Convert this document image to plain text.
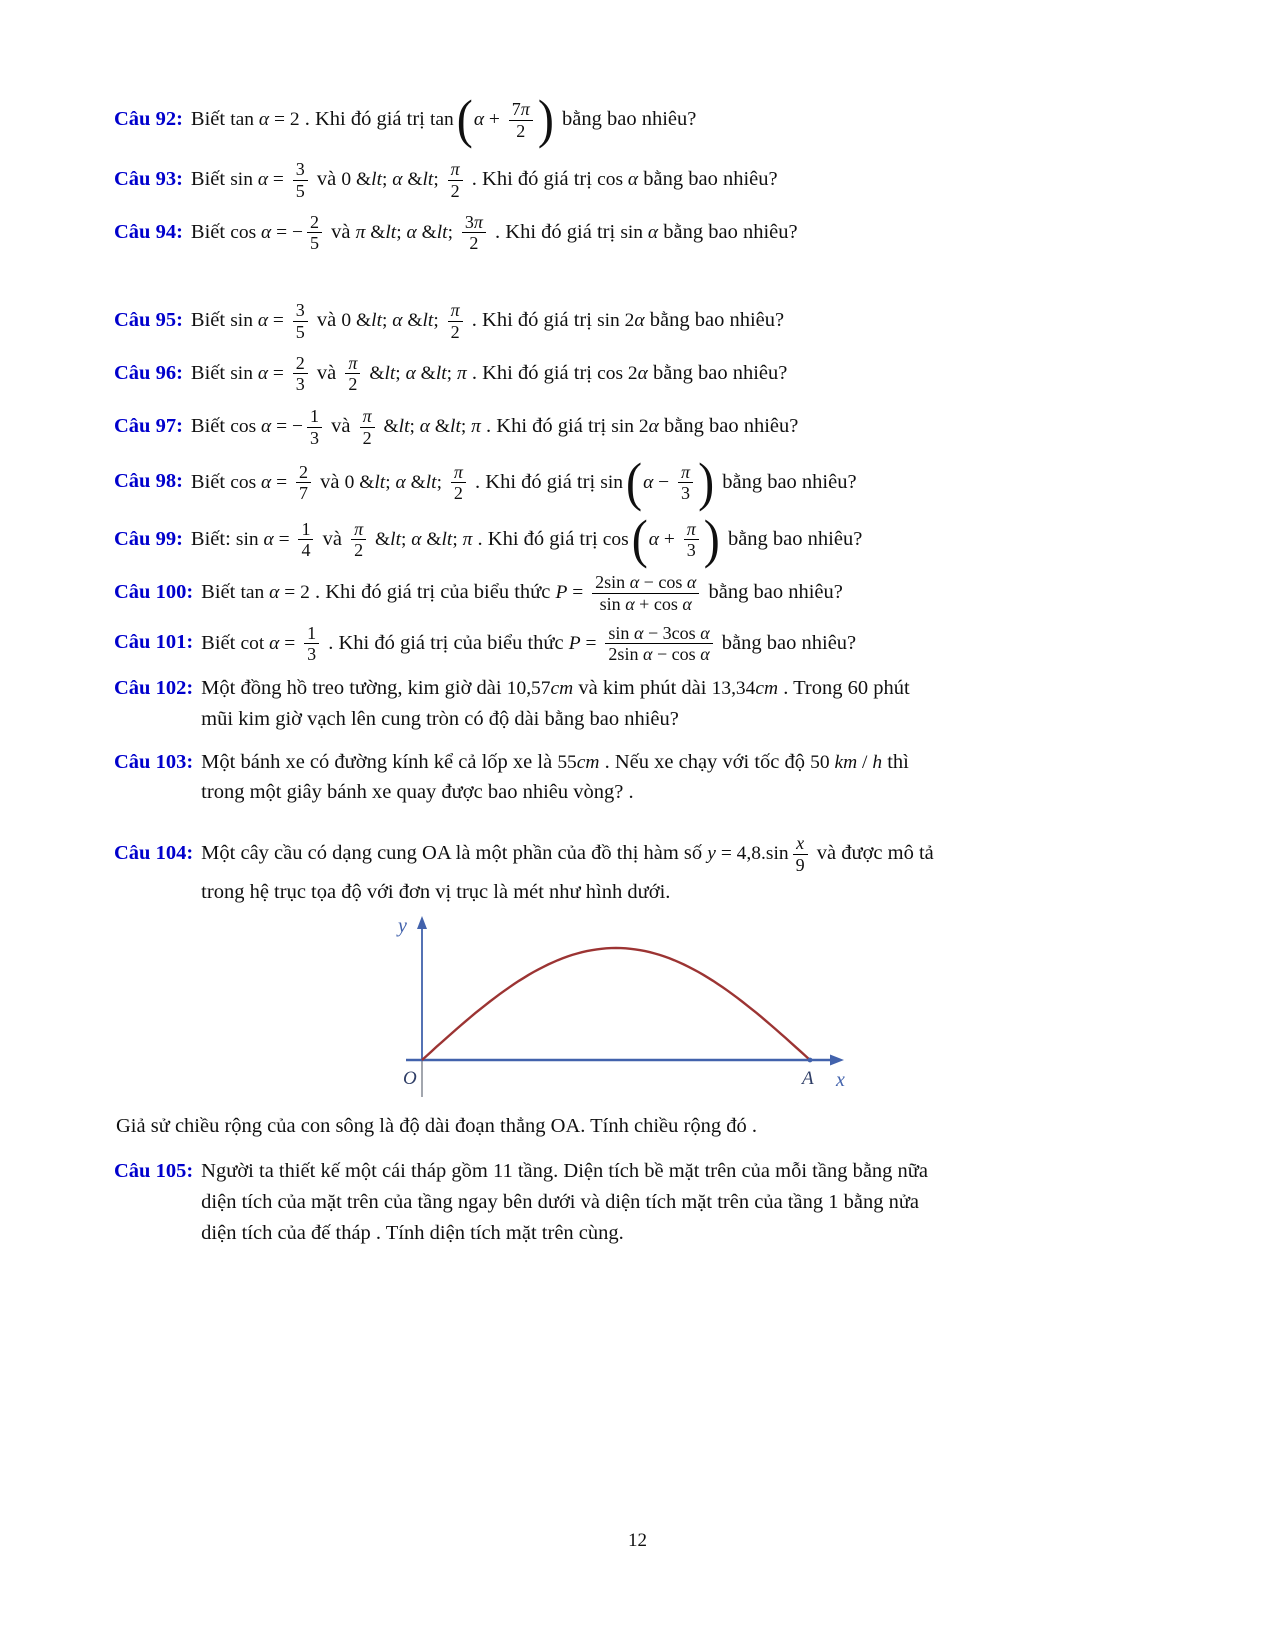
Câu 92: Biết tan α = 2 . Khi đó giá trị tan ( $\alpha + \frac{7\pi}{2}$ ) bằng bao nhiêu?
Câu 93: Biết $\sin \alpha = \frac{3}{5}$ và 0 &lt; α &lt; $\frac{\pi}{2}$ . Khi đó giá trị cos α bằng bao nhiêu?
Câu 94: Biết cos α = − $\frac{2}{5}$ và π &lt; α &lt; $\frac{3\pi}{2}$ . Khi đó giá trị sin α bằng bao nhiêu?
Câu 95: Biết $\sin \alpha = \frac{3}{5}$ và 0 &lt; α &lt; $\frac{\pi}{2}$ . Khi đó giá trị sin 2α bằng bao nhiêu?
Câu 96: Biết $\sin \alpha = \frac{2}{3}$ và $\frac{\pi}{2}$ &lt; α &lt; π . Khi đó giá trị cos 2α bằng bao nhiêu?
Câu 97: Biết cos α = − $\frac{1}{3}$ và $\frac{\pi}{2}$ &lt; α &lt; π . Khi đó giá trị sin 2α bằng bao nhiêu?
Câu 98: Biết $\cos \alpha = \frac{2}{7}$ và 0 &lt; α &lt; $\frac{\pi}{2}$ . Khi đó giá trị sin ( $\alpha - \frac{\pi}{3}$ ) bằng bao nhiêu?
Câu 99: Biết: $\sin \alpha = \frac{1}{4}$ và $\frac{\pi}{2}$ &lt; α &lt; π . Khi đó giá trị cos ( $\alpha + \frac{\pi}{3}$ ) bằng bao nhiêu?
Câu 100: Biết tan α = 2 . Khi đó giá trị của biểu thức $P = \frac{\text{2sin α − cos α}}{\text{sin α + cos α}}$ bằng bao nhiêu?
Câu 101: Biết $\cot \alpha = \frac{1}{3}$ . Khi đó giá trị của biểu thức $P = \frac{\text{sin α − 3cos α}}{\text{2sin α − cos α}}$ bằng bao nhiêu?
Câu 102: Một đồng hồ treo tường, kim giờ dài 10,57cm và kim phút dài 13,34cm . Trong 60 phút
mũi kim giờ vạch lên cung tròn có độ dài bằng bao nhiêu?
Câu 103: Một bánh xe có đường kính kể cả lốp xe là 55cm . Nếu xe chạy với tốc độ 50 km / h thì
trong một giây bánh xe quay được bao nhiêu vòng? .
Câu 104: Một cây cầu có dạng cung OA là một phần của đồ thị hàm số $y = 4,8.\sin \frac{x}{9}$ và được mô tả
trong hệ trục tọa độ với đơn vị trục là mét như hình dưới.
y
x
O	A
Giả sử chiều rộng của con sông là độ dài đoạn thẳng OA. Tính chiều rộng đó .
Câu 105: Người ta thiết kế một cái tháp gồm 11 tầng. Diện tích bề mặt trên của mỗi tầng bằng nữa
diện tích của mặt trên của tầng ngay bên dưới và diện tích mặt trên của tầng 1 bằng nửa
diện tích của đế tháp . Tính diện tích mặt trên cùng.
12
